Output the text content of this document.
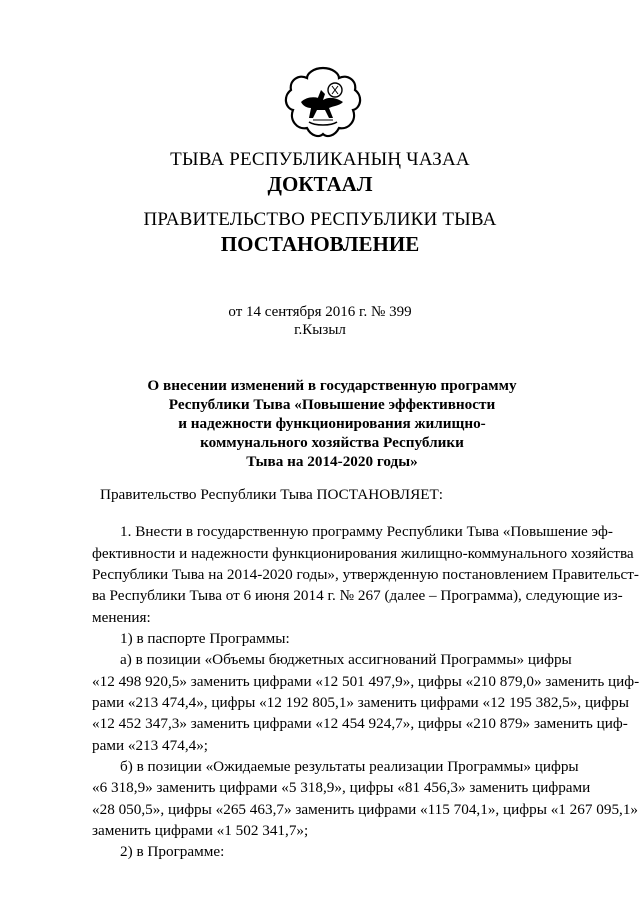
ТЫВА РЕСПУБЛИКАНЫҢ ЧАЗАА
ДОКТААЛ
ПРАВИТЕЛЬСТВО РЕСПУБЛИКИ ТЫВА
ПОСТАНОВЛЕНИЕ
от 14 сентября 2016 г. № 399
г.Кызыл
О внесении изменений в государственную программу
Республики Тыва «Повышение эффективности
и надежности функционирования жилищно-
коммунального хозяйства Республики
Тыва на 2014-2020 годы»
Правительство Республики Тыва ПОСТАНОВЛЯЕТ:
1. Внести в государственную программу Республики Тыва «Повышение эф-
фективности и надежности функционирования жилищно-коммунального хозяйства
Республики Тыва на 2014-2020 годы», утвержденную постановлением Правительст-
ва Республики Тыва от 6 июня 2014 г. № 267 (далее – Программа), следующие из-
менения:
1) в паспорте Программы:
а) в позиции «Объемы бюджетных ассигнований Программы» цифры
«12 498 920,5» заменить цифрами «12 501 497,9», цифры «210 879,0» заменить циф-
рами «213 474,4», цифры «12 192 805,1» заменить цифрами «12 195 382,5», цифры
«12 452 347,3» заменить цифрами «12 454 924,7», цифры «210 879» заменить циф-
рами «213 474,4»;
б) в позиции «Ожидаемые результаты реализации Программы» цифры
«6 318,9» заменить цифрами «5 318,9», цифры «81 456,3» заменить цифрами
«28 050,5», цифры «265 463,7» заменить цифрами «115 704,1», цифры «1 267 095,1»
заменить цифрами «1 502 341,7»;
2) в Программе:
